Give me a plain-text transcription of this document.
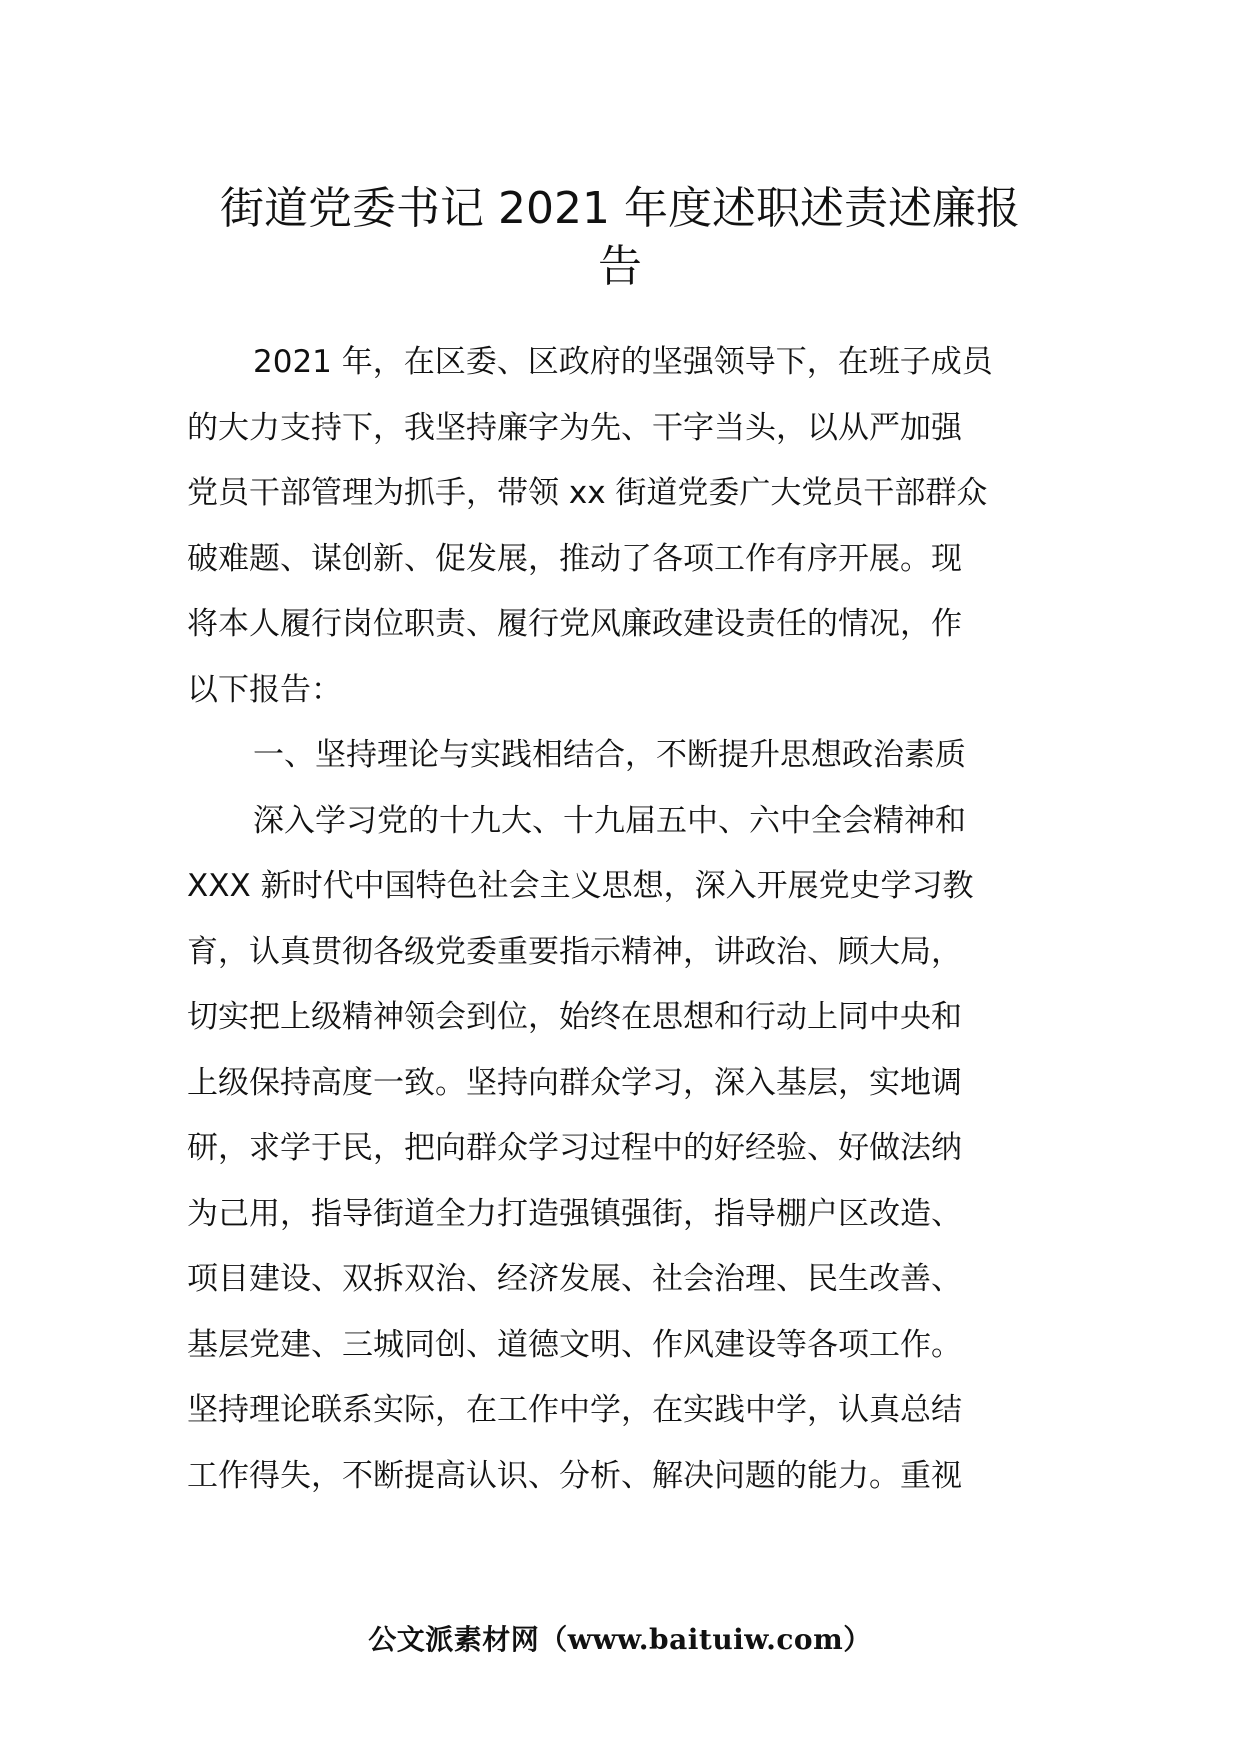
街道党委书记 2021 年度述职述责述廉报
告
2021 年，在区委、区政府的坚强领导下，在班子成员
的大力支持下，我坚持廉字为先、干字当头，以从严加强
党员干部管理为抓手，带领 xx 街道党委广大党员干部群众
破难题、谋创新、促发展，推动了各项工作有序开展。现
将本人履行岗位职责、履行党风廉政建设责任的情况，作
以下报告：
一、坚持理论与实践相结合，不断提升思想政治素质
深入学习党的十九大、十九届五中、六中全会精神和
XXX 新时代中国特色社会主义思想，深入开展党史学习教
育，认真贯彻各级党委重要指示精神，讲政治、顾大局，
切实把上级精神领会到位，始终在思想和行动上同中央和
上级保持高度一致。坚持向群众学习，深入基层，实地调
研，求学于民，把向群众学习过程中的好经验、好做法纳
为己用，指导街道全力打造强镇强街，指导棚户区改造、
项目建设、双拆双治、经济发展、社会治理、民生改善、
基层党建、三城同创、道德文明、作风建设等各项工作。
坚持理论联系实际，在工作中学，在实践中学，认真总结
工作得失，不断提高认识、分析、解决问题的能力。重视
公文派素材网（www.baituiw.com）
